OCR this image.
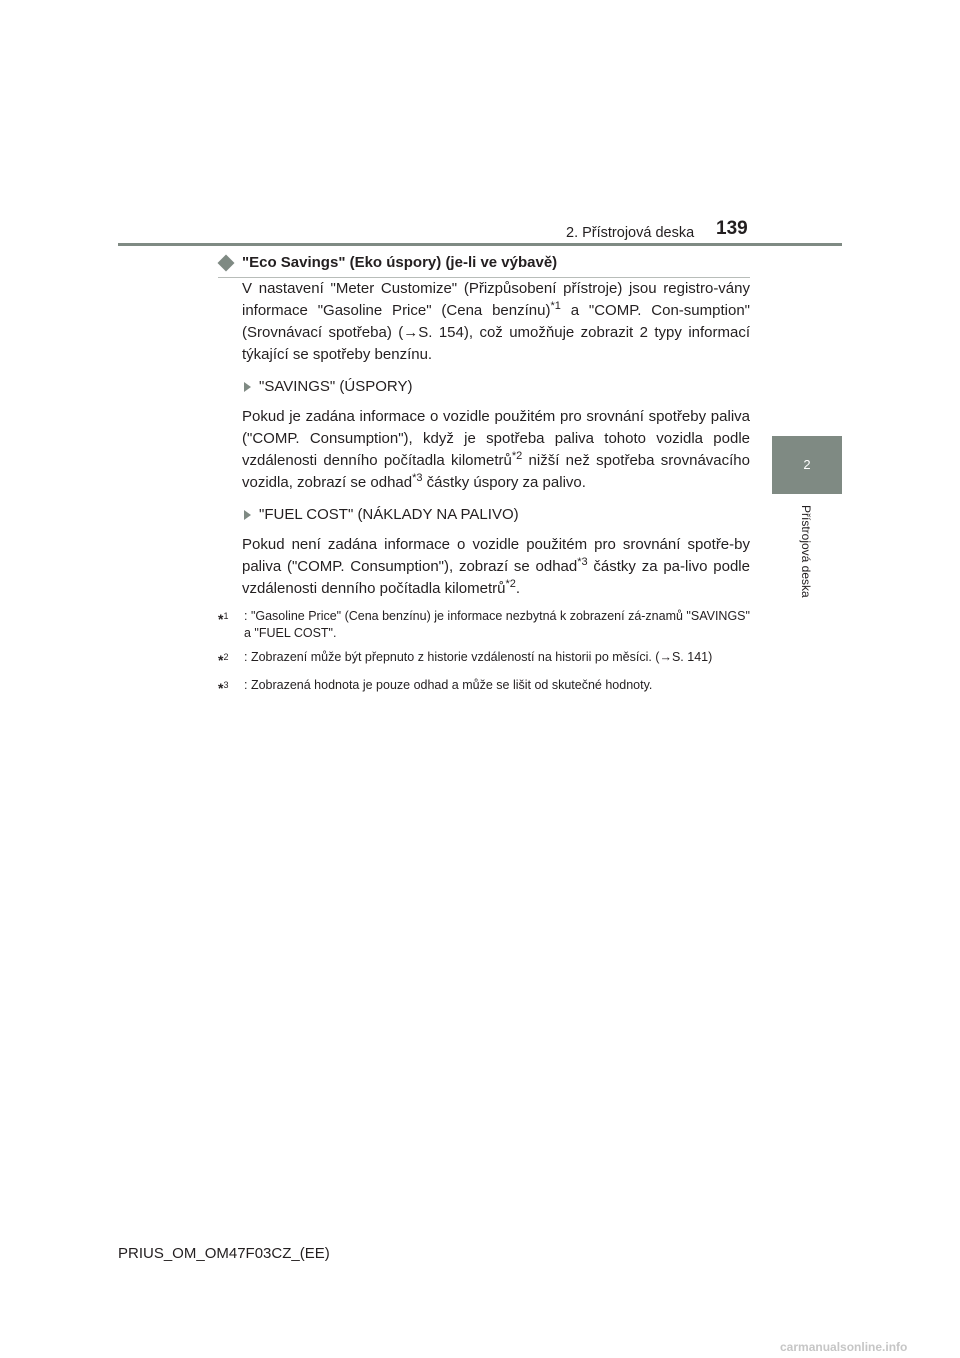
2. Přístrojová deska	139
2
Přístrojová deska
"Eco Savings" (Eko úspory) (je-li ve výbavě)

V nastavení "Meter Customize" (Přizpůsobení přístroje) jsou registro-vány informace "Gasoline Price" (Cena benzínu)$^{*1}$ a "COMP. Con-sumption" (Srovnávací spotřeba) (→S. 154), což umožňuje zobrazit 2 typy informací týkající se spotřeby benzínu.

"SAVINGS" (ÚSPORY)

Pokud je zadána informace o vozidle použitém pro srovnání spotřeby paliva ("COMP. Consumption"), když je spotřeba paliva tohoto vozidla podle vzdálenosti denního počítadla kilometrů$^{*2}$ nižší než spotřeba srovnávacího vozidla, zobrazí se odhad$^{*3}$ částky úspory za palivo.

"FUEL COST" (NÁKLADY NA PALIVO)

Pokud není zadána informace o vozidle použitém pro srovnání spotře-by paliva ("COMP. Consumption"), zobrazí se odhad$^{*3}$ částky za pa-livo podle vzdálenosti denního počítadla kilometrů$^{*2}$.

*$^1$	: "Gasoline Price" (Cena benzínu) je informace nezbytná k zobrazení zá-znamů "SAVINGS" a "FUEL COST".
*$^2$	: Zobrazení může být přepnuto z historie vzdáleností na historii po měsíci. (→S. 141)
*$^3$	: Zobrazená hodnota je pouze odhad a může se lišit od skutečné hodnoty.
PRIUS_OM_OM47F03CZ_(EE)
carmanualsonline.info
